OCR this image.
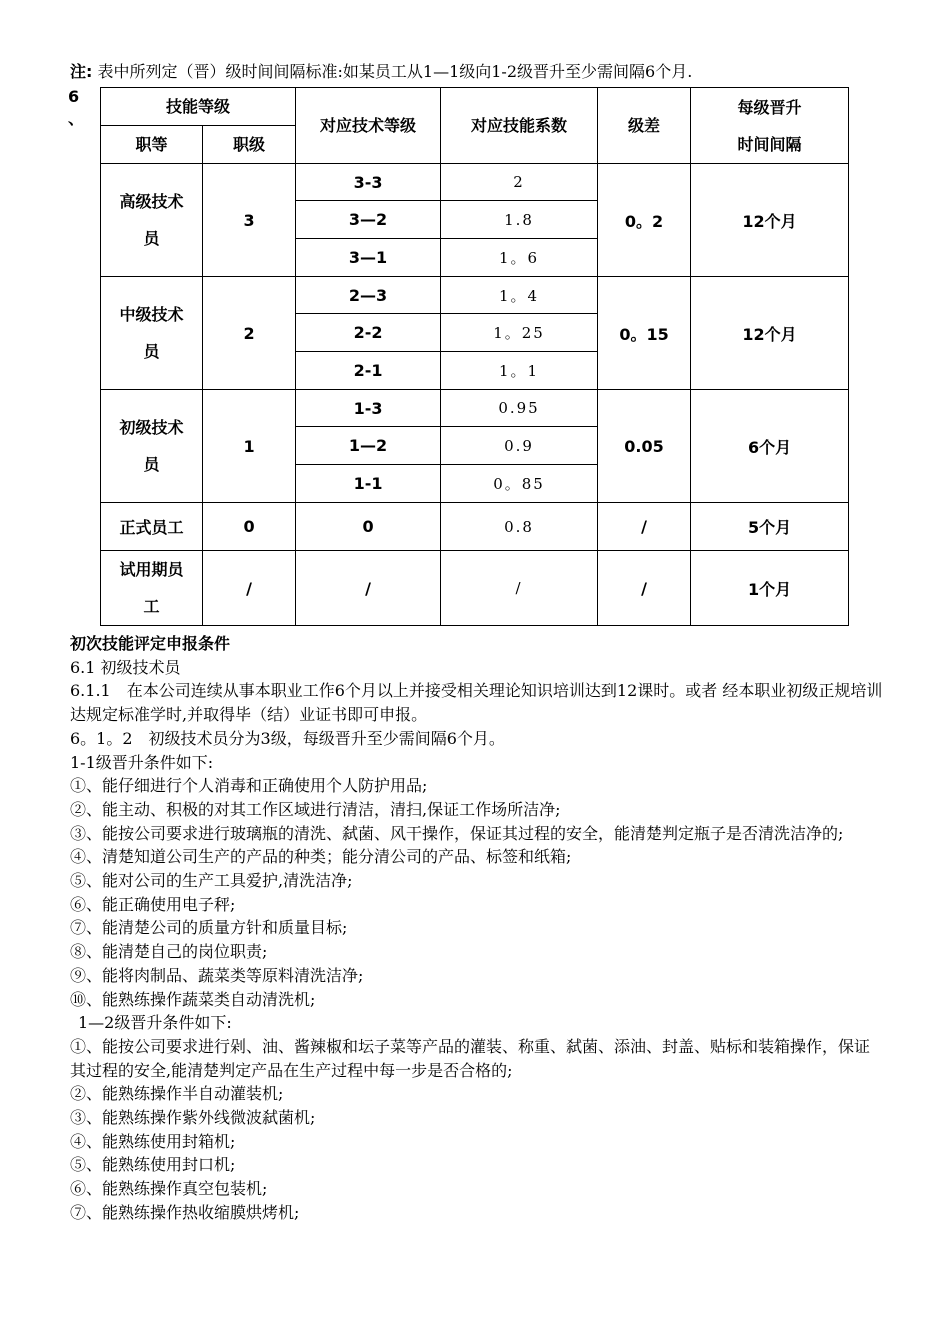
注: 表中所列定（晋）级时间间隔标准:如某员工从1—1级向1-2级晋升至少需间隔6个月.
6
、
技能等级		对应技术等级	对应技能系数	级差	每级晋升
时间间隔

职等	职级				

高级技术
员	3	3-3	2	0。2	12个月
		3—2	1.8		
		3—1	1。6		

中级技术
员	2	2—3	1。4	0。15	12个月
		2-2	1。25		
		2-1	1。1		

初级技术
员	1	1-3	0.95	0.05	6个月
		1—2	0.9		
		1-1	0。85		
正式员工	0	0	0.8	/	5个月

试用期员
工	/	/	/	/	1个月

初次技能评定申报条件

6.1 初级技术员

6.1.1　在本公司连续从事本职业工作6个月以上并接受相关理论知识培训达到12课时。或者 经本职业初级正规培训达规定标准学时,并取得毕（结）业证书即可申报。

6。1。2　初级技术员分为3级，每级晋升至少需间隔6个月。

1-1级晋升条件如下:

①、能仔细进行个人消毒和正确使用个人防护用品;

②、能主动、积极的对其工作区域进行清洁，清扫,保证工作场所洁净;

③、能按公司要求进行玻璃瓶的清洗、弑菌、风干操作，保证其过程的安全，能清楚判定瓶子是否清洗洁净的;

④、清楚知道公司生产的产品的种类；能分清公司的产品、标签和纸箱;

⑤、能对公司的生产工具爱护,清洗洁净;

⑥、能正确使用电子秤;

⑦、能清楚公司的质量方针和质量目标;

⑧、能清楚自己的岗位职责;

⑨、能将肉制品、蔬菜类等原料清洗洁净;

⑩、能熟练操作蔬菜类自动清洗机;

1—2级晋升条件如下:

①、能按公司要求进行剁、油、酱辣椒和坛子菜等产品的灌装、称重、弑菌、添油、封盖、贴标和装箱操作，保证其过程的安全,能清楚判定产品在生产过程中每一步是否合格的;

②、能熟练操作半自动灌装机;

③、能熟练操作紫外线微波弑菌机;

④、能熟练使用封箱机;

⑤、能熟练使用封口机;

⑥、能熟练操作真空包装机;

⑦、能熟练操作热收缩膜烘烤机;
